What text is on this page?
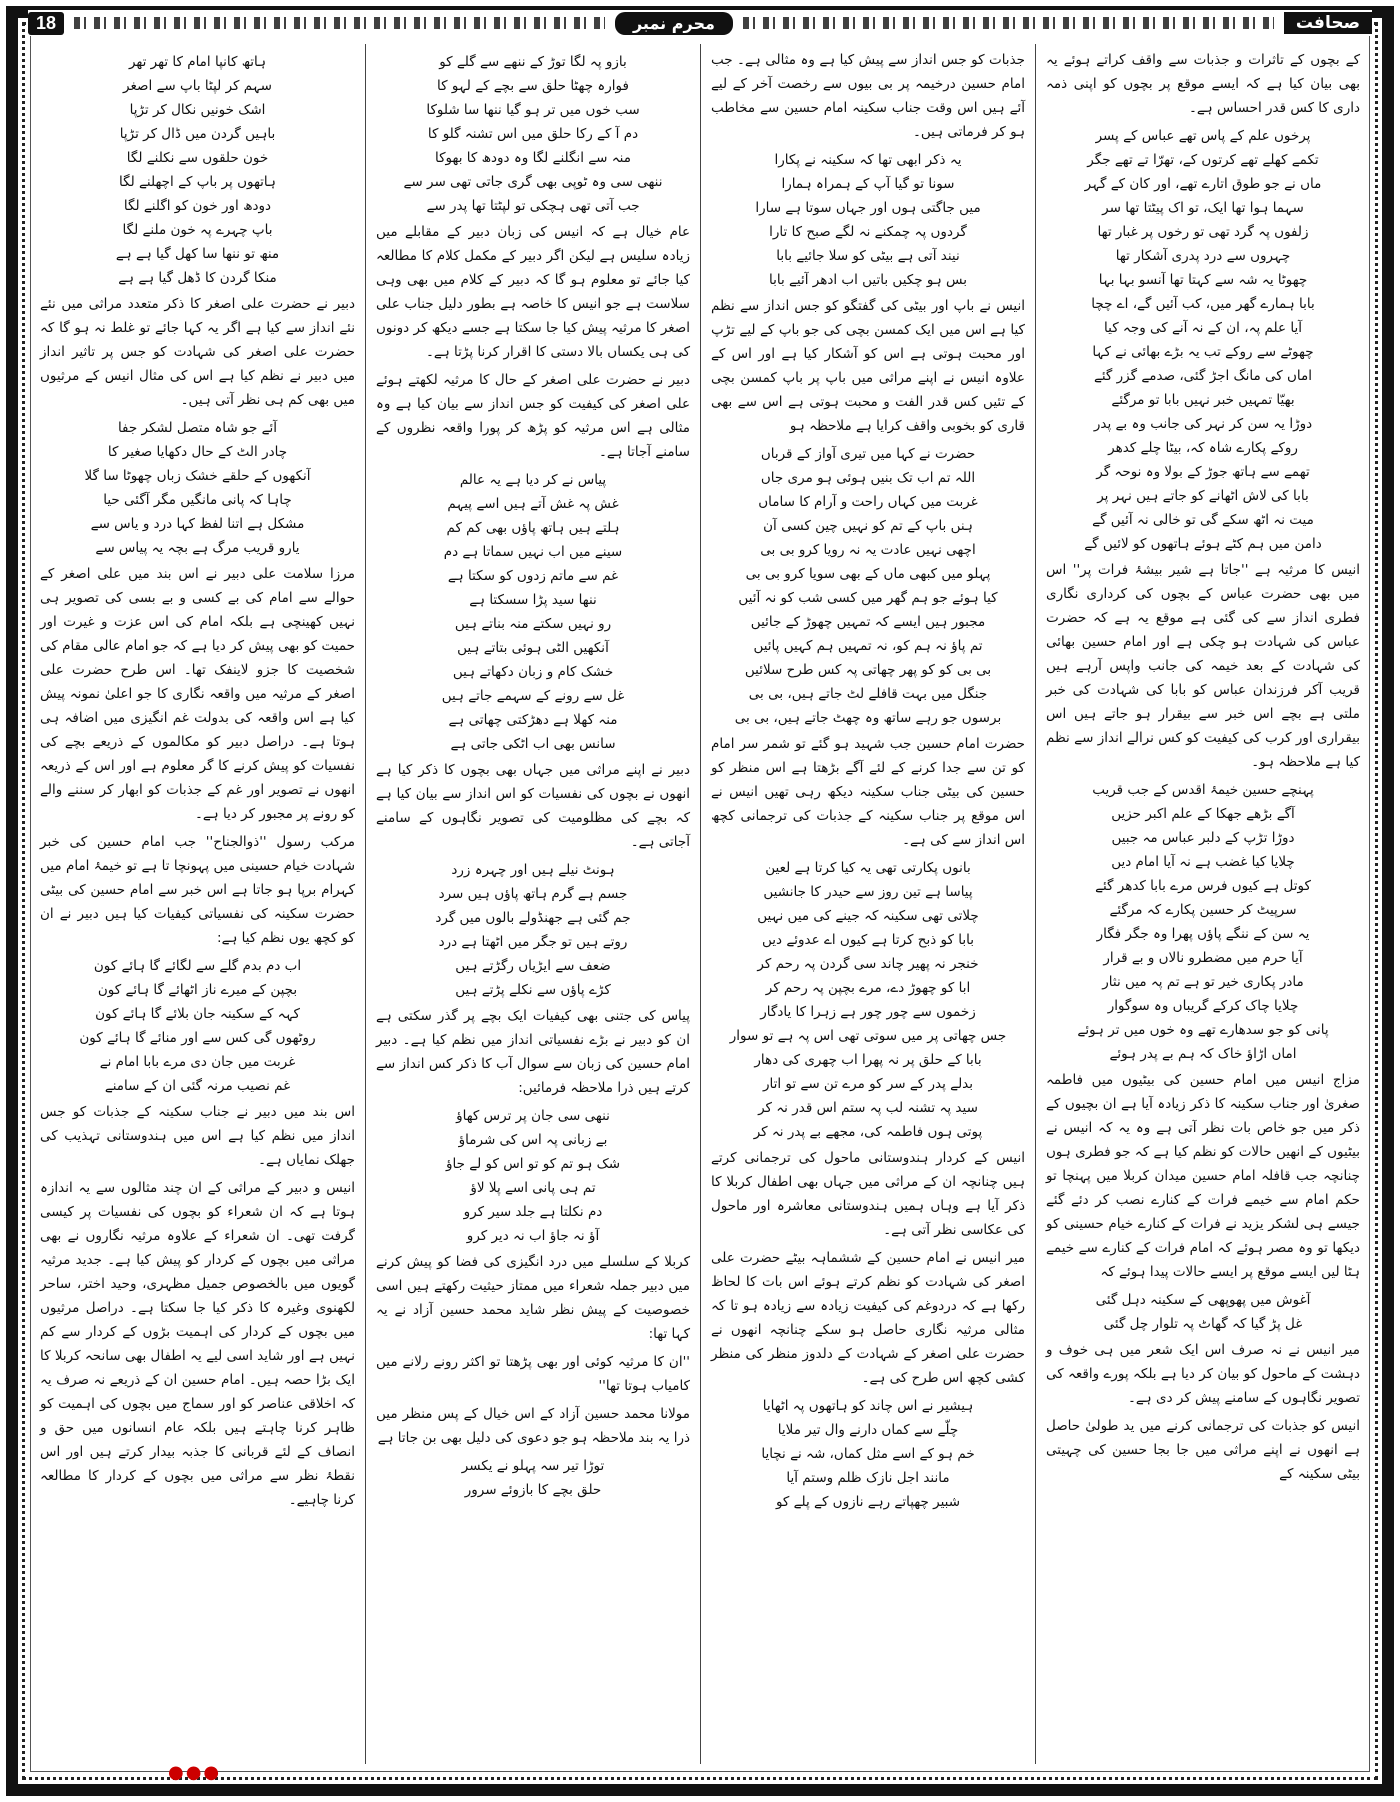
18	محرم نمبر	صحافت

کے بچوں کے تاثرات و جذبات سے واقف کراتے ہوئے یہ بھی بیان کیا ہے کہ ایسے موقع پر بچوں کو اپنی ذمہ داری کا کس قدر احساس ہے۔

پرخوں علم کے پاس تھے عباس کے پسر
تکمے کھلے تھے کرتوں کے، تھرّا تے تھے جگر
ماں نے جو طوق اتارے تھے، اور کان کے گہر
سہما ہوا تھا ایک، تو اک پیٹتا تھا سر
زلفوں پہ گرد تھی تو رخوں پر غبار تھا
چہروں سے درد پدری آشکار تھا
چھوٹا یہ شہ سے کہتا تھا آنسو بہا بہا
بابا ہمارے گھر میں، کب آئیں گے، اے چچا
آیا علم پہ، ان کے نہ آنے کی وجہ کیا
چھوٹے سے روکے تب یہ بڑے بھائی نے کہا
اماں کی مانگ اجڑ گئی، صدمے گزر گئے
بھیّا تمہیں خبر نہیں بابا تو مرگئے
دوڑا یہ سن کر نہر کی جانب وہ بے پدر
روکے پکارے شاہ کہ، بیٹا چلے کدھر
تھمے سے ہاتھ جوڑ کے بولا وہ نوحہ گر
بابا کی لاش اٹھانے کو جاتے ہیں نہر پر
میت نہ اٹھ سکے گی تو خالی نہ آئیں گے
دامن میں ہم کٹے ہوئے ہاتھوں کو لائیں گے

انیس کا مرثیہ ہے ''جاتا ہے شیر بیشۂ فرات پر'' اس میں بھی حضرت عباس کے بچوں کی کرداری نگاری فطری انداز سے کی گئی ہے موقع یہ ہے کہ حضرت عباس کی شہادت ہو چکی ہے اور امام حسین بھائی کی شہادت کے بعد خیمہ کی جانب واپس آرہے ہیں قریب آکر فرزندان عباس کو بابا کی شہادت کی خبر ملتی ہے بچے اس خبر سے بیقرار ہو جاتے ہیں اس بیقراری اور کرب کی کیفیت کو کس نرالے انداز سے نظم کیا ہے ملاحظہ ہو۔

پہنچے حسین خیمۂ اقدس کے جب قریب
آگے بڑھے جھکا کے علم اکبر حزیں
دوڑا تڑپ کے دلبر عباس مہ جبیں
چلایا کیا غضب ہے نہ آیا امام دیں
کوتل ہے کیوں فرس مرے بابا کدھر گئے
سرپیٹ کر حسین پکارے کہ مرگئے
یہ سن کے ننگے پاؤں پھرا وہ جگر فگار
آیا حرم میں مضطرو نالاں و بے قرار
مادر پکاری خیر تو ہے تم پہ میں نثار
چلایا چاک کرکے گریباں وہ سوگوار
پانی کو جو سدھارے تھے وہ خوں میں تر ہوئے
اماں اڑاؤ خاک کہ ہم بے پدر ہوئے

مزاج انیس میں امام حسین کی بیٹیوں میں فاطمہ صغریٰ اور جناب سکینہ کا ذکر زیادہ آیا ہے ان بچیوں کے ذکر میں جو خاص بات نظر آتی ہے وہ یہ کہ انیس نے بیٹیوں کے انھیں حالات کو نظم کیا ہے کہ جو فطری ہوں چنانچہ جب قافلہ امام حسین میدان کربلا میں پہنچا تو حکم امام سے خیمے فرات کے کنارے نصب کر دئے گئے جیسے ہی لشکر یزید نے فرات کے کنارے خیام حسینی کو دیکھا تو وہ مصر ہوئے کہ امام فرات کے کنارے سے خیمے ہٹا لیں ایسے موقع پر ایسے حالات پیدا ہوئے کہ

آغوش میں پھوپھی کے سکینہ دہل گئی
غل پڑ گیا کہ گھاٹ پہ تلوار چل گئی

میر انیس نے نہ صرف اس ایک شعر میں ہی خوف و دہشت کے ماحول کو بیان کر دیا ہے بلکہ پورے واقعہ کی تصویر نگاہوں کے سامنے پیش کر دی ہے۔

انیس کو جذبات کی ترجمانی کرنے میں ید طولیٰ حاصل ہے انھوں نے اپنے مراثی میں جا بجا حسین کی چہیتی بیٹی سکینہ کے

جذبات کو جس انداز سے پیش کیا ہے وہ مثالی ہے۔ جب امام حسین درخیمہ پر بی بیوں سے رخصت آخر کے لیے آئے ہیں اس وقت جناب سکینہ امام حسین سے مخاطب ہو کر فرماتی ہیں۔

یہ ذکر ابھی تھا کہ سکینہ نے پکارا
سونا تو گیا آپ کے ہمراہ ہمارا
میں جاگتی ہوں اور جہاں سوتا ہے سارا
گردوں پہ چمکنے نہ لگے صبح کا تارا
نیند آتی ہے بیٹی کو سلا جائیے بابا
بس ہو چکیں باتیں اب ادھر آئیے بابا

انیس نے باپ اور بیٹی کی گفتگو کو جس انداز سے نظم کیا ہے اس میں ایک کمسن بچی کی جو باپ کے لیے تڑپ اور محبت ہوتی ہے اس کو آشکار کیا ہے اور اس کے علاوہ انیس نے اپنے مراثی میں باپ پر باپ کمسن بچی کے تئیں کس قدر الفت و محبت ہوتی ہے اس سے بھی قاری کو بخوبی واقف کرایا ہے ملاحظہ ہو

حضرت نے کہا میں تیری آواز کے قرباں
اللہ تم اب تک بنیں ہوئی ہو مری جاں
غربت میں کہاں راحت و آرام کا ساماں
ہنں باپ کے تم کو نہیں چین کسی آن
اچھی نہیں عادت یہ نہ رویا کرو بی بی
پہلو میں کبھی ماں کے بھی سویا کرو بی بی
کیا ہوئے جو ہم گھر میں کسی شب کو نہ آئیں
مجبور ہیں ایسے کہ تمہیں چھوڑ کے جائیں
تم پاؤ نہ ہم کو، نہ تمہیں ہم کہیں پائیں
بی بی کو کو پھر چھاتی پہ کس طرح سلائیں
جنگل میں بہت قافلے لٹ جاتے ہیں، بی بی
برسوں جو رہے ساتھ وہ چھٹ جاتے ہیں، بی بی

حضرت امام حسین جب شہید ہو گئے تو شمر سر امام کو تن سے جدا کرنے کے لئے آگے بڑھتا ہے اس منظر کو حسین کی بیٹی جناب سکینہ دیکھ رہی تھیں انیس نے اس موقع پر جناب سکینہ کے جذبات کی ترجمانی کچھ اس انداز سے کی ہے۔

بانوں پکارتی تھی یہ کیا کرتا ہے لعین
پیاسا ہے تین روز سے حیدر کا جانشیں
چلاتی تھی سکینہ کہ جینے کی میں نہیں
بابا کو ذبح کرتا ہے کیوں اے عدوئے دیں
خنجر نہ پھیر چاند سی گردن پہ رحم کر
ابا کو چھوڑ دے، مرے بچپن پہ رحم کر
زخموں سے چور چور ہے زہرا کا یادگار
جس چھاتی پر میں سوتی تھی اس پہ ہے تو سوار
بابا کے حلق پر نہ پھرا اب چھری کی دھار
بدلے پدر کے سر کو مرے تن سے تو اتار
سید پہ تشنہ لب پہ ستم اس قدر نہ کر
پوتی ہوں فاطمہ کی، مجھے بے پدر نہ کر

انیس کے کردار ہندوستانی ماحول کی ترجمانی کرتے ہیں چنانچہ ان کے مراثی میں جہاں بھی اطفال کربلا کا ذکر آیا ہے وہاں ہمیں ہندوستانی معاشرہ اور ماحول کی عکاسی نظر آتی ہے۔

میر انیس نے امام حسین کے ششماہہ بیٹے حضرت علی اصغر کی شہادت کو نظم کرتے ہوئے اس بات کا لحاظ رکھا ہے کہ دردوغم کی کیفیت زیادہ سے زیادہ ہو تا کہ مثالی مرثیہ نگاری حاصل ہو سکے چنانچہ انھوں نے حضرت علی اصغر کے شہادت کے دلدوز منظر کی منظر کشی کچھ اس طرح کی ہے۔

ہیشیر نے اس چاند کو ہاتھوں پہ اٹھایا
چلّے سے کماں دارنے وال تیر ملایا
خم ہو کے اسے مثل کماں، شہ نے نچایا
مانند اجل نازک ظلم وستم آیا
شبیر چھپاتے رہے نازوں کے پلے کو
بازو پہ لگا توڑ کے ننھے سے گلے کو
فوارہ چھٹا حلق سے بچے کے لہو کا
سب خوں میں تر ہو گیا ننھا سا شلوکا
دم آ کے رکا حلق میں اس تشنہ گلو کا
منہ سے انگلنے لگا وہ دودھ کا بھوکا
ننھی سی وہ ٹوپی بھی گری جاتی تھی سر سے
جب آتی تھی ہچکی تو لپٹتا تھا پدر سے

عام خیال ہے کہ انیس کی زبان دبیر کے مقابلے میں زیادہ سلیس ہے لیکن اگر دبیر کے مکمل کلام کا مطالعہ کیا جائے تو معلوم ہو گا کہ دبیر کے کلام میں بھی وہی سلاست ہے جو انیس کا خاصہ ہے بطور دلیل جناب علی اصغر کا مرثیہ پیش کیا جا سکتا ہے جسے دیکھ کر دونوں کی ہی یکساں بالا دستی کا اقرار کرنا پڑتا ہے۔

دبیر نے حضرت علی اصغر کے حال کا مرثیہ لکھتے ہوئے علی اصغر کی کیفیت کو جس انداز سے بیان کیا ہے وہ مثالی ہے اس مرثیہ کو پڑھ کر پورا واقعہ نظروں کے سامنے آجاتا ہے۔

پیاس نے کر دیا ہے یہ عالم
غش پہ غش آتے ہیں اسے پیہم
ہلتے ہیں ہاتھ پاؤں بھی کم کم
سینے میں اب نہیں سماتا ہے دم
غم سے ماتم زدوں کو سکتا ہے
ننھا سید پڑا سسکتا ہے
رو نہیں سکتے منہ بناتے ہیں
آنکھیں الٹی ہوئی بتاتے ہیں
خشک کام و زبان دکھاتے ہیں
غل سے رونے کے سہمے جاتے ہیں
منہ کھلا ہے دھڑکتی چھاتی ہے
سانس بھی اب اٹکی جاتی ہے

دبیر نے اپنے مراثی میں جہاں بھی بچوں کا ذکر کیا ہے انھوں نے بچوں کی نفسیات کو اس انداز سے بیان کیا ہے کہ بچے کی مظلومیت کی تصویر نگاہوں کے سامنے آجاتی ہے۔

ہونٹ نیلے ہیں اور چہرہ زرد
جسم ہے گرم ہاتھ پاؤں ہیں سرد
جم گئی ہے جھنڈولے بالوں میں گرد
روتے ہیں تو جگر میں اٹھتا ہے درد
ضعف سے ایڑیاں رگڑتے ہیں
کڑے پاؤں سے نکلے پڑتے ہیں

پیاس کی جتنی بھی کیفیات ایک بچے پر گذر سکتی ہے ان کو دبیر نے بڑے نفسیاتی انداز میں نظم کیا ہے۔ دبیر امام حسین کی زبان سے سوال آب کا ذکر کس انداز سے کرتے ہیں ذرا ملاحظہ فرمائیں:

ننھی سی جان پر ترس کھاؤ
بے زبانی پہ اس کی شرماؤ
شک ہو تم کو تو اس کو لے جاؤ
تم ہی پانی اسے پلا لاؤ
دم نکلتا ہے جلد سیر کرو
آؤ نہ جاؤ اب نہ دیر کرو

کربلا کے سلسلے میں درد انگیزی کی فضا کو پیش کرنے میں دبیر جملہ شعراء میں ممتاز حیثیت رکھتے ہیں اسی خصوصیت کے پیش نظر شاید محمد حسین آزاد نے یہ کہا تھا:

''ان کا مرثیہ کوئی اور بھی پڑھتا تو اکثر رونے رلانے میں کامیاب ہوتا تھا''

مولانا محمد حسین آزاد کے اس خیال کے پس منظر میں ذرا یہ بند ملاحظہ ہو جو دعوی کی دلیل بھی بن جاتا ہے

توڑا تیر سہ پہلو نے یکسر
حلق بچے کا بازوئے سرور
ہاتھ کانپا امام کا تھر تھر
سہم کر لپٹا باپ سے اصغر
اشک خونیں نکال کر تڑپا
باہیں گردن میں ڈال کر تڑپا
خون حلقوں سے نکلنے لگا
ہاتھوں پر باپ کے اچھلنے لگا
دودھ اور خون کو اگلنے لگا
باپ چہرے پہ خون ملنے لگا
منھ تو ننھا سا کھل گیا ہے ہے
منکا گردن کا ڈھل گیا ہے ہے

دبیر نے حضرت علی اصغر کا ذکر متعدد مراثی میں نئے نئے انداز سے کیا ہے اگر یہ کہا جائے تو غلط نہ ہو گا کہ حضرت علی اصغر کی شہادت کو جس پر تاثیر انداز میں دبیر نے نظم کیا ہے اس کی مثال انیس کے مرثیوں میں بھی کم ہی نظر آتی ہیں۔

آئے جو شاہ متصل لشکر جفا
چادر الٹ کے حال دکھایا صغیر کا
آنکھوں کے حلقے خشک زباں چھوٹا سا گلا
چاہا کہ پانی مانگیں مگر آگئی حیا
مشکل ہے اتنا لفظ کہا درد و یاس سے
یارو قریب مرگ ہے بچہ یہ پیاس سے

مرزا سلامت علی دبیر نے اس بند میں علی اصغر کے حوالے سے امام کی بے کسی و بے بسی کی تصویر ہی نہیں کھینچی ہے بلکہ امام کی اس عزت و غیرت اور حمیت کو بھی پیش کر دیا ہے کہ جو امام عالی مقام کی شخصیت کا جزو لاینفک تھا۔ اس طرح حضرت علی اصغر کے مرثیہ میں واقعہ نگاری کا جو اعلیٰ نمونہ پیش کیا ہے اس واقعہ کی بدولت غم انگیزی میں اضافہ ہی ہوتا ہے۔ دراصل دبیر کو مکالموں کے ذریعے بچے کی نفسیات کو پیش کرنے کا گر معلوم ہے اور اس کے ذریعہ انھوں نے تصویر اور غم کے جذبات کو ابھار کر سننے والے کو رونے پر مجبور کر دیا ہے۔

مرکب رسول ''ذوالجناح'' جب امام حسین کی خبر شہادت خیام حسینی میں پہونچا تا ہے تو خیمۂ امام میں کہرام برپا ہو جاتا ہے اس خبر سے امام حسین کی بیٹی حضرت سکینہ کی نفسیاتی کیفیات کیا ہیں دبیر نے ان کو کچھ یوں نظم کیا ہے:

اب دم بدم گلے سے لگائے گا ہائے کون
بچپن کے میرے ناز اٹھائے گا ہائے کون
کہہ کے سکینہ جان بلائے گا ہائے کون
روٹھوں گی کس سے اور منائے گا ہائے کون
غربت میں جان دی مرے بابا امام نے
غم نصیب مرنہ گئی ان کے سامنے

اس بند میں دبیر نے جناب سکینہ کے جذبات کو جس انداز میں نظم کیا ہے اس میں ہندوستانی تہذیب کی جھلک نمایاں ہے۔

انیس و دبیر کے مراثی کے ان چند مثالوں سے یہ اندازہ ہوتا ہے کہ ان شعراء کو بچوں کی نفسیات پر کیسی گرفت تھی۔ ان شعراء کے علاوہ مرثیہ نگاروں نے بھی مراثی میں بچوں کے کردار کو پیش کیا ہے۔ جدید مرثیہ گویوں میں بالخصوص جمیل مظہری، وحید اختر، ساحر لکھنوی وغیرہ کا ذکر کیا جا سکتا ہے۔ دراصل مرثیوں میں بچوں کے کردار کی اہمیت بڑوں کے کردار سے کم نہیں ہے اور شاید اسی لیے یہ اطفال بھی سانحہ کربلا کا ایک بڑا حصہ ہیں۔ امام حسین ان کے ذریعے نہ صرف یہ کہ اخلاقی عناصر کو اور سماج میں بچوں کی اہمیت کو ظاہر کرنا چاہتے ہیں بلکہ عام انسانوں میں حق و انصاف کے لئے قربانی کا جذبہ بیدار کرتے ہیں اور اس نقطۂ نظر سے مراثی میں بچوں کے کردار کا مطالعہ کرنا چاہیے۔

●●●
